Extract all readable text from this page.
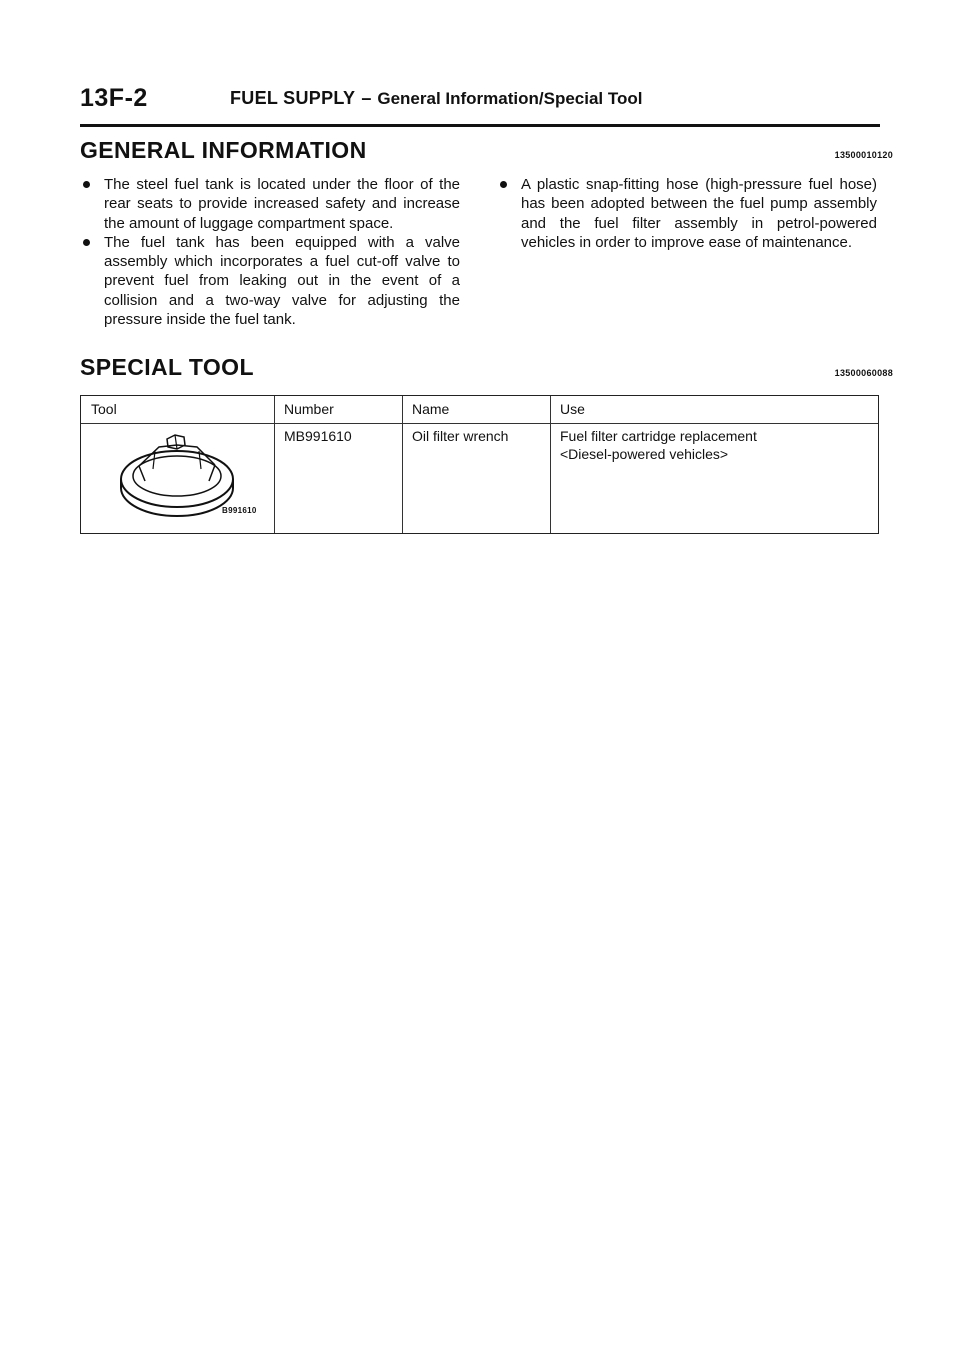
13F-2	FUEL SUPPLY – General Information/Special Tool
GENERAL INFORMATION	13500010120
The steel fuel tank is located under the floor of the rear seats to provide increased safety and increase the amount of luggage compartment space.
The fuel tank has been equipped with a valve assembly which incorporates a fuel cut-off valve to prevent fuel from leaking out in the event of a collision and a two-way valve for adjusting the pressure inside the fuel tank.
A plastic snap-fitting hose (high-pressure fuel hose) has been adopted between the fuel pump assembly and the fuel filter assembly in petrol-powered vehicles in order to improve ease of maintenance.
SPECIAL TOOL	13500060088
Tool	Number	Name	Use
B991610
MB991610	Oil filter wrench	Fuel filter cartridge replacement
<Diesel-powered vehicles>
